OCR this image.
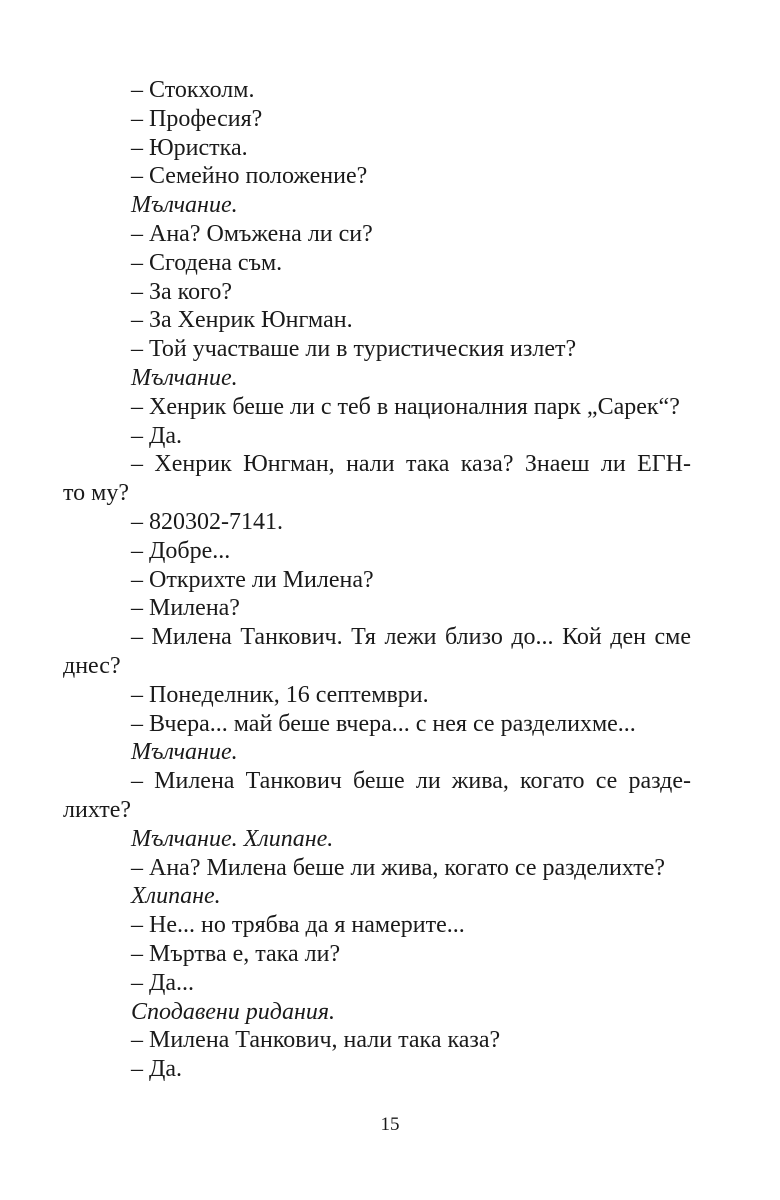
– Стокхолм.

– Професия?

– Юристка.

– Семейно положение?

Мълчание.

– Ана? Омъжена ли си?

– Сгодена съм.

– За кого?

– За Хенрик Юнгман.

– Той участваше ли в туристическия излет?

Мълчание.

– Хенрик беше ли с теб в националния парк „Сарек“?

– Да.

– Хенрик Юнгман, нали така каза? Знаеш ли ЕГН-

то му?

– 820302-7141.

– Добре...

– Открихте ли Милена?

– Милена?

– Милена Танкович. Тя лежи близо до... Кой ден сме

днес?

– Понеделник, 16 септември.

– Вчера... май беше вчера... с нея се разделихме...

Мълчание.

– Милена Танкович беше ли жива, когато се разде-

лихте?

Мълчание. Хлипане.

– Ана? Милена беше ли жива, когато се разделихте?

Хлипане.

– Не... но трябва да я намерите...

– Мъртва е, така ли?

– Да...

Сподавени ридания.

– Милена Танкович, нали така каза?

– Да.

15
